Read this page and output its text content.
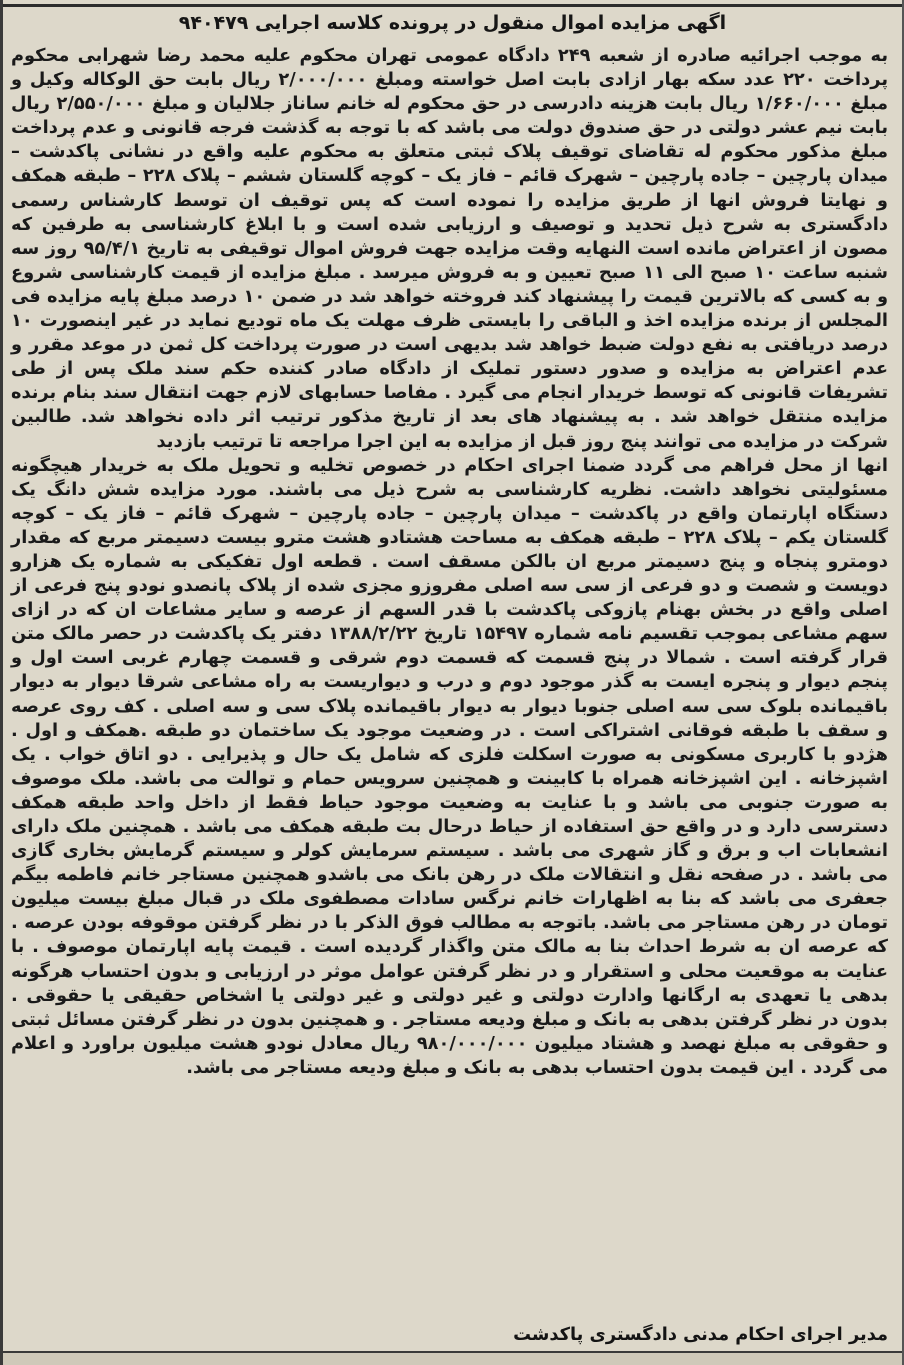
اگهی مزایده اموال منقول در پرونده کلاسه اجرایی ۹۴۰۴۷۹

به موجب اجرائیه صادره از شعبه ۲۴۹ دادگاه عمومی تهران محکوم علیه محمد رضا شهرابی محکوم پرداخت ۲۲۰ عدد سکه بهار ازادی بابت اصل خواسته ومبلغ ۲/۰۰۰/۰۰۰ ریال بابت حق الوکاله وکیل و مبلغ ۱/۶۶۰/۰۰۰ ریال بابت هزینه دادرسی در حق محکوم له خانم ساناز جلالیان و مبلغ ۲/۵۵۰/۰۰۰ ریال بابت نیم عشر دولتی در حق صندوق دولت می باشد که با توجه به گذشت فرجه قانونی و عدم پرداخت مبلغ مذکور محکوم له تقاضای توقیف پلاک ثبتی متعلق به محکوم علیه واقع در نشانی پاکدشت –میدان پارچین – جاده پارچین – شهرک قائم – فاز یک – کوچه گلستان ششم – پلاک ۲۲۸ – طبقه همکف و نهایتا فروش انها از طریق مزایده را نموده است که پس توقیف ان توسط کارشناس رسمی دادگستری به شرح ذیل تحدید و توصیف و ارزیابی شده است و با ابلاغ کارشناسی به طرفین که مصون از اعتراض مانده است النهایه وقت مزایده جهت فروش اموال توقیفی به تاریخ ۹۵/۴/۱ روز سه شنبه ساعت ۱۰ صبح الی ۱۱ صبح تعیین و به فروش میرسد . مبلغ مزایده از قیمت کارشناسی شروع و به کسی که بالاترین قیمت را پیشنهاد کند فروخته خواهد شد در ضمن ۱۰ درصد مبلغ پایه مزایده فی المجلس از برنده مزایده اخذ و الباقی را بایستی ظرف مهلت یک ماه تودیع نماید در غیر اینصورت ۱۰ درصد دریافتی به نفع دولت ضبط خواهد شد بدیهی است در صورت پرداخت کل ثمن در موعد مقرر و عدم اعتراض به مزایده و صدور دستور تملیک از دادگاه صادر کننده حکم سند ملک پس از طی تشریفات قانونی که توسط خریدار انجام می گیرد . مفاصا حسابهای لازم جهت انتقال سند بنام برنده مزایده منتقل خواهد شد . به پیشنهاد های بعد از تاریخ مذکور ترتیب اثر داده نخواهد شد. طالبین شرکت در مزایده می توانند پنج روز قبل از مزایده به این اجرا مراجعه تا ترتیب بازدید

انها از محل فراهم می گردد ضمنا اجرای احکام در خصوص تخلیه و تحویل ملک به خریدار هیچگونه مسئولیتی نخواهد داشت. نظریه کارشناسی به شرح ذیل می باشند. مورد مزایده شش دانگ یک دستگاه اپارتمان واقع در پاکدشت – میدان پارچین – جاده پارچین – شهرک قائم – فاز یک – کوچه گلستان یکم – پلاک ۲۲۸ – طبقه همکف به مساحت هشتادو هشت مترو بیست دسیمتر مربع که مقدار دومترو پنجاه و پنج دسیمتر مربع ان بالکن مسقف است . قطعه اول تفکیکی به شماره یک هزارو دویست و شصت و دو فرعی از سی سه اصلی مفروزو مجزی شده از پلاک پانصدو نودو پنج فرعی از اصلی واقع در بخش بهنام پازوکی پاکدشت با قدر السهم از عرصه و سایر مشاعات ان که در ازای سهم مشاعی بموجب تقسیم نامه شماره ۱۵۴۹۷ تاریخ ۱۳۸۸/۲/۲۲ دفتر یک پاکدشت در حصر مالک متن قرار گرفته است . شمالا در پنج قسمت که قسمت دوم شرقی و قسمت چهارم غربی است اول و پنجم دیوار و پنجره ایست به گذر موجود دوم و درب و دیواریست به راه مشاعی شرقا دیوار به دیوار باقیمانده بلوک سی سه اصلی جنوبا دیوار به دیوار باقیمانده پلاک سی و سه اصلی . کف روی عرصه و سقف با طبقه فوقانی اشتراکی است . در وضعیت موجود یک ساختمان دو طبقه .همکف و اول . هژدو با کاربری مسکونی به صورت اسکلت فلزی که شامل یک حال و پذیرایی . دو اتاق خواب . یک اشپزخانه . این اشپزخانه همراه با کابینت و همچنین سرویس حمام و توالت می باشد. ملک موصوف به صورت جنوبی می باشد و با عنایت به وضعیت موجود حیاط فقط از داخل واحد طبقه همکف دسترسی دارد و در واقع حق استفاده از حیاط درحال بت طبقه همکف می باشد . همچنین ملک دارای انشعابات اب و برق و گاز شهری می باشد . سیستم سرمایش کولر و سیستم گرمایش بخاری گازی می باشد . در صفحه نقل و انتقالات ملک در رهن بانک می باشدو همچنین مستاجر خانم فاطمه بیگم جعفری می باشد که بنا به اظهارات خانم نرگس سادات مصطفوی ملک در قبال مبلغ بیست میلیون تومان در رهن مستاجر می باشد. باتوجه به مطالب فوق الذکر با در نظر گرفتن موقوفه بودن عرصه . که عرصه ان به شرط احداث بنا به مالک متن واگذار گردیده است . قیمت پایه اپارتمان موصوف . با عنایت به موقعیت محلی و استقرار و در نظر گرفتن عوامل موثر در ارزیابی و بدون احتساب هرگونه بدهی یا تعهدی به ارگانها وادارت دولتی و غیر دولتی و غیر دولتی یا اشخاص حقیقی یا حقوقی . بدون در نظر گرفتن بدهی به بانک و مبلغ ودیعه مستاجر . و همچنین بدون در نظر گرفتن مسائل ثبتی و حقوقی به مبلغ نهصد و هشتاد میلیون ۹۸۰/۰۰۰/۰۰۰ ریال معادل نودو هشت میلیون براورد و اعلام می گردد . این قیمت بدون احتساب بدهی به بانک و مبلغ ودیعه مستاجر می باشد.

مدیر اجرای احکام مدنی دادگستری پاکدشت
